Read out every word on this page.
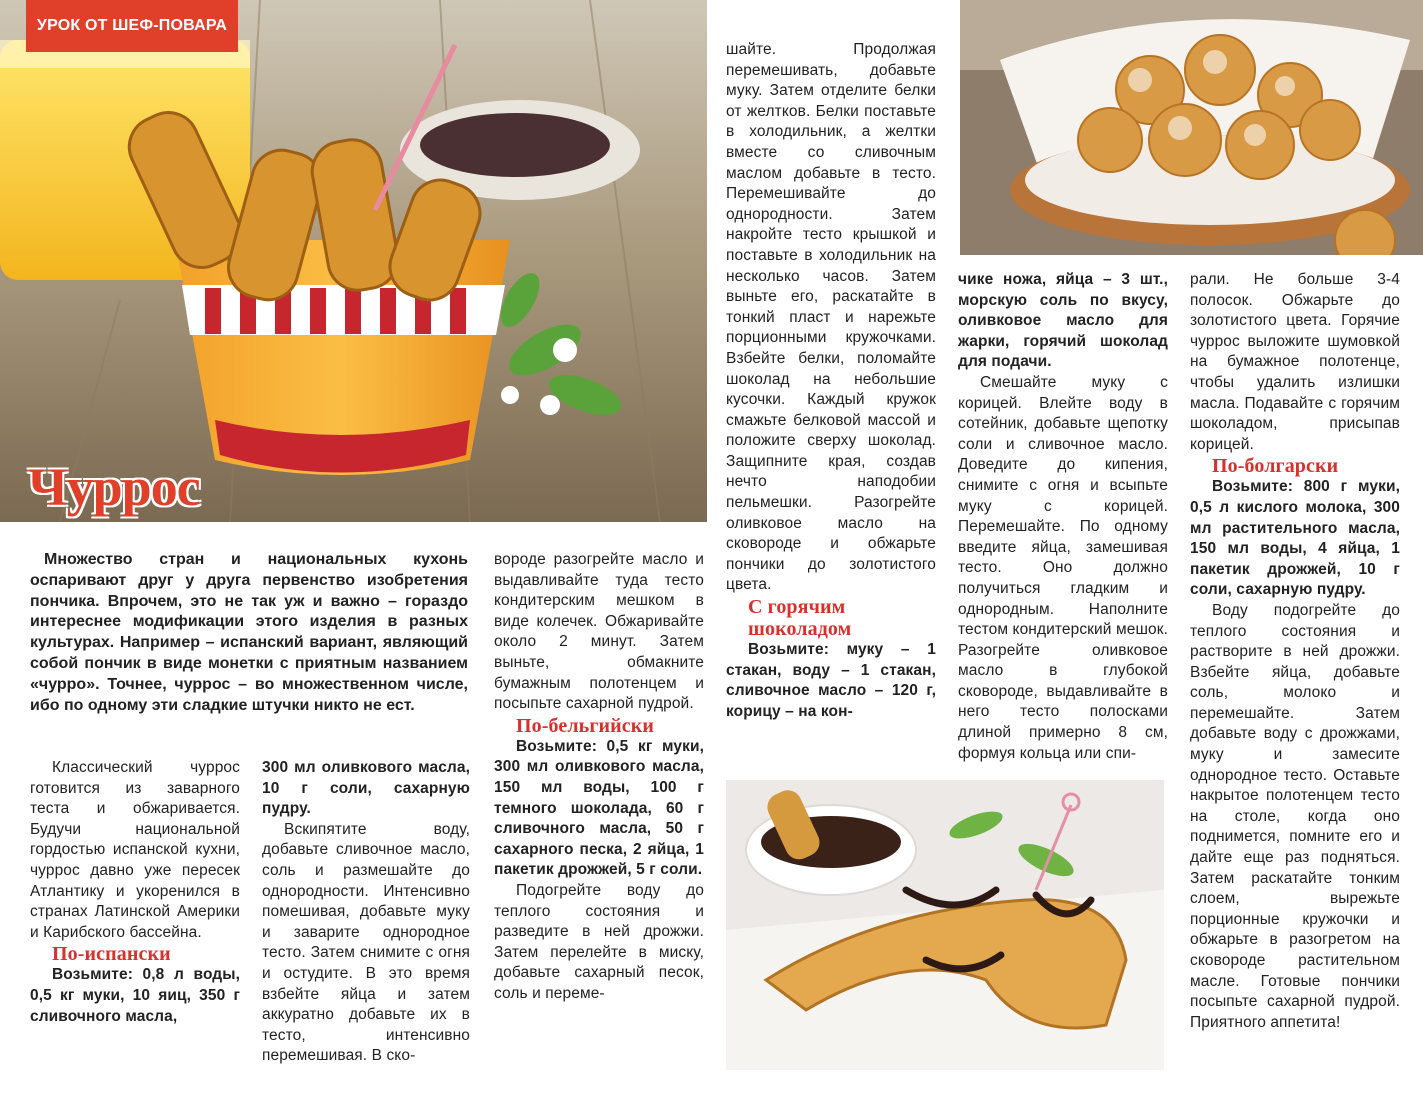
УРОК ОТ ШЕФ-ПОВАРА
Чуррос

Множество стран и национальных кухонь оспаривают друг у друга первенство изобретения пончика. Впрочем, это не так уж и важно – гораздо интереснее модификации этого изделия в разных культурах. Например – испанский вариант, являющий собой пончик в виде монетки с приятным названием «чурро». Точнее, чуррос – во множественном числе, ибо по одному эти сладкие штучки никто не ест.

Классический чуррос готовится из заварного теста и обжаривается. Будучи национальной гордостью испанской кухни, чуррос давно уже пересек Атлантику и укоренился в странах Латинской Америки и Карибского бассейна.

По-испански

Возьмите: 0,8 л воды, 0,5 кг муки, 10 яиц, 350 г сливочного масла,

300 мл оливкового масла, 10 г соли, сахарную пудру.

Вскипятите воду, добавьте сливочное масло, соль и размешайте до однородности. Интенсивно помешивая, добавьте муку и заварите однородное тесто. Затем снимите с огня и остудите. В это время взбейте яйца и затем аккуратно добавьте их в тесто, интенсивно перемешивая. В ско-

вороде разогрейте масло и выдавливайте туда тесто кондитерским мешком в виде колечек. Обжаривайте около 2 минут. Затем выньте, обмакните бумажным полотенцем и посыпьте сахарной пудрой.

По-бельгийски

Возьмите: 0,5 кг муки, 300 мл оливкового масла, 150 мл воды, 100 г темного шоколада, 60 г сливочного масла, 50 г сахарного песка, 2 яйца, 1 пакетик дрожжей, 5 г соли.

Подогрейте воду до теплого состояния и разведите в ней дрожжи. Затем перелейте в миску, добавьте сахарный песок, соль и переме-

шайте. Продолжая перемешивать, добавьте муку. Затем отделите белки от желтков. Белки поставьте в холодильник, а желтки вместе со сливочным маслом добавьте в тесто. Перемешивайте до однородности. Затем накройте тесто крышкой и поставьте в холодильник на несколько часов. Затем выньте его, раскатайте в тонкий пласт и нарежьте порционными кружочками. Взбейте белки, поломайте шоколад на небольшие кусочки. Каждый кружок смажьте белковой массой и положите сверху шоколад. Защипните края, создав нечто наподобии пельмешки. Разогрейте оливковое масло на сковороде и обжарьте пончики до золотистого цвета.

С горячим

шоколадом

Возьмите: муку – 1 стакан, воду – 1 стакан, сливочное масло – 120 г, корицу – на кон-

чике ножа, яйца – 3 шт., морскую соль по вкусу, оливковое масло для жарки, горячий шоколад для подачи.

Смешайте муку с корицей. Влейте воду в сотейник, добавьте щепотку соли и сливочное масло. Доведите до кипения, снимите с огня и всыпьте муку с корицей. Перемешайте. По одному введите яйца, замешивая тесто. Оно должно получиться гладким и однородным. Наполните тестом кондитерский мешок. Разогрейте оливковое масло в глубокой сковороде, выдавливайте в него тесто полосками длиной примерно 8 см, формуя кольца или спи-

рали. Не больше 3-4 полосок. Обжарьте до золотистого цвета. Горячие чуррос выложите шумовкой на бумажное полотенце, чтобы удалить излишки масла. Подавайте с горячим шоколадом, присыпав корицей.

По-болгарски

Возьмите: 800 г муки, 0,5 л кислого молока, 300 мл растительного масла, 150 мл воды, 4 яйца, 1 пакетик дрожжей, 10 г соли, сахарную пудру.

Воду подогрейте до теплого состояния и растворите в ней дрожжи. Взбейте яйца, добавьте соль, молоко и перемешайте. Затем добавьте воду с дрожжами, муку и замесите однородное тесто. Оставьте накрытое полотенцем тесто на столе, когда оно поднимется, помните его и дайте еще раз подняться. Затем раскатайте тонким слоем, вырежьте порционные кружочки и обжарьте в разогретом на сковороде растительном масле. Готовые пончики посыпьте сахарной пудрой. Приятного аппетита!
